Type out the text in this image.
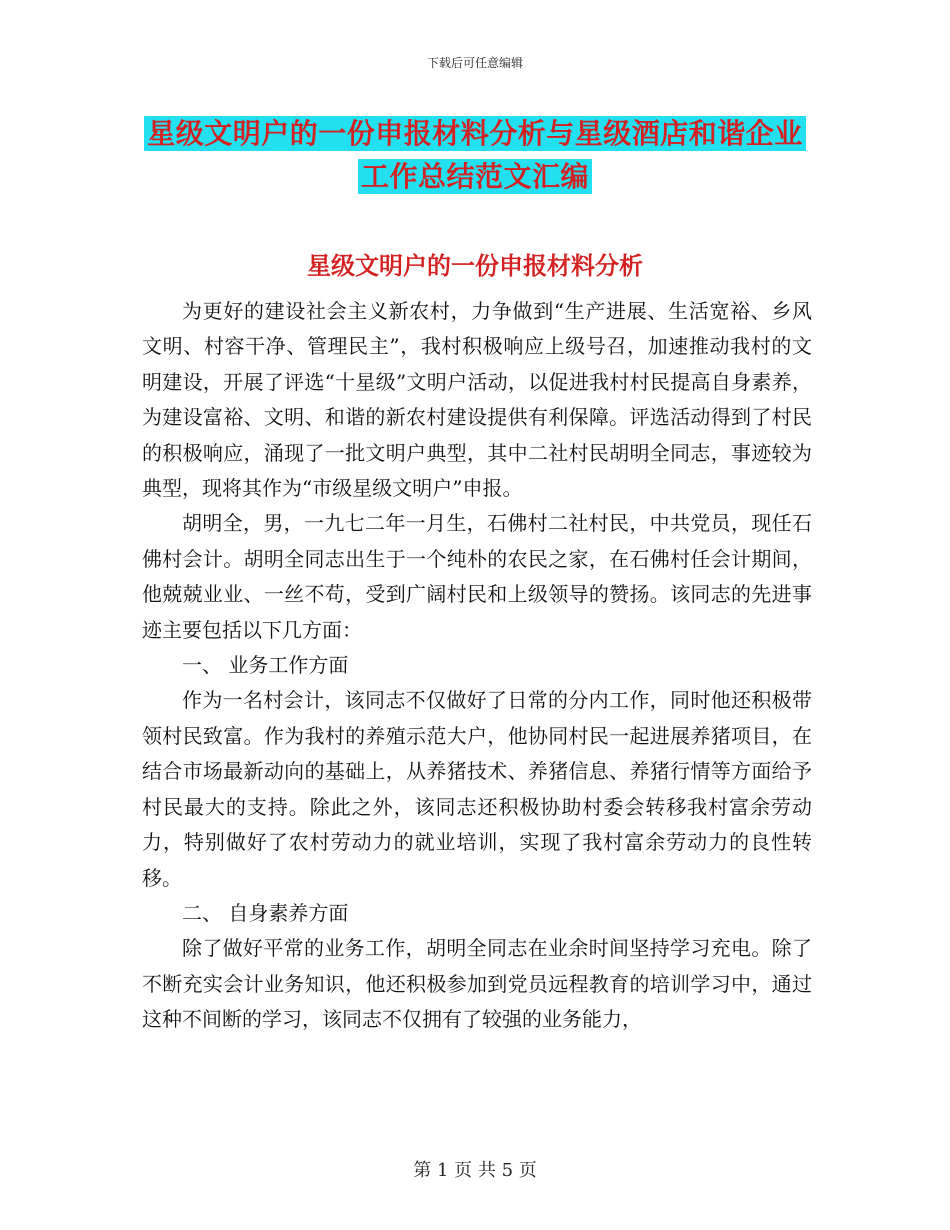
下载后可任意编辑
星级文明户的一份申报材料分析与星级酒店和谐企业
工作总结范文汇编
星级文明户的一份申报材料分析

为更好的建设社会主义新农村，力争做到“生产进展、生活宽裕、乡风文明、村容干净、管理民主”，我村积极响应上级号召，加速推动我村的文明建设，开展了评选“十星级”文明户活动，以促进我村村民提高自身素养，为建设富裕、文明、和谐的新农村建设提供有利保障。评选活动得到了村民的积极响应，涌现了一批文明户典型，其中二社村民胡明全同志，事迹较为典型，现将其作为“市级星级文明户”申报。

胡明全，男，一九七二年一月生，石佛村二社村民，中共党员，现任石佛村会计。胡明全同志出生于一个纯朴的农民之家，在石佛村任会计期间，他兢兢业业、一丝不苟，受到广阔村民和上级领导的赞扬。该同志的先进事迹主要包括以下几方面：

一、 业务工作方面

作为一名村会计，该同志不仅做好了日常的分内工作，同时他还积极带领村民致富。作为我村的养殖示范大户，他协同村民一起进展养猪项目，在结合市场最新动向的基础上，从养猪技术、养猪信息、养猪行情等方面给予村民最大的支持。除此之外，该同志还积极协助村委会转移我村富余劳动力，特别做好了农村劳动力的就业培训，实现了我村富余劳动力的良性转移。

二、 自身素养方面

除了做好平常的业务工作，胡明全同志在业余时间坚持学习充电。除了不断充实会计业务知识，他还积极参加到党员远程教育的培训学习中，通过这种不间断的学习，该同志不仅拥有了较强的业务能力，

第 1 页 共 5 页
